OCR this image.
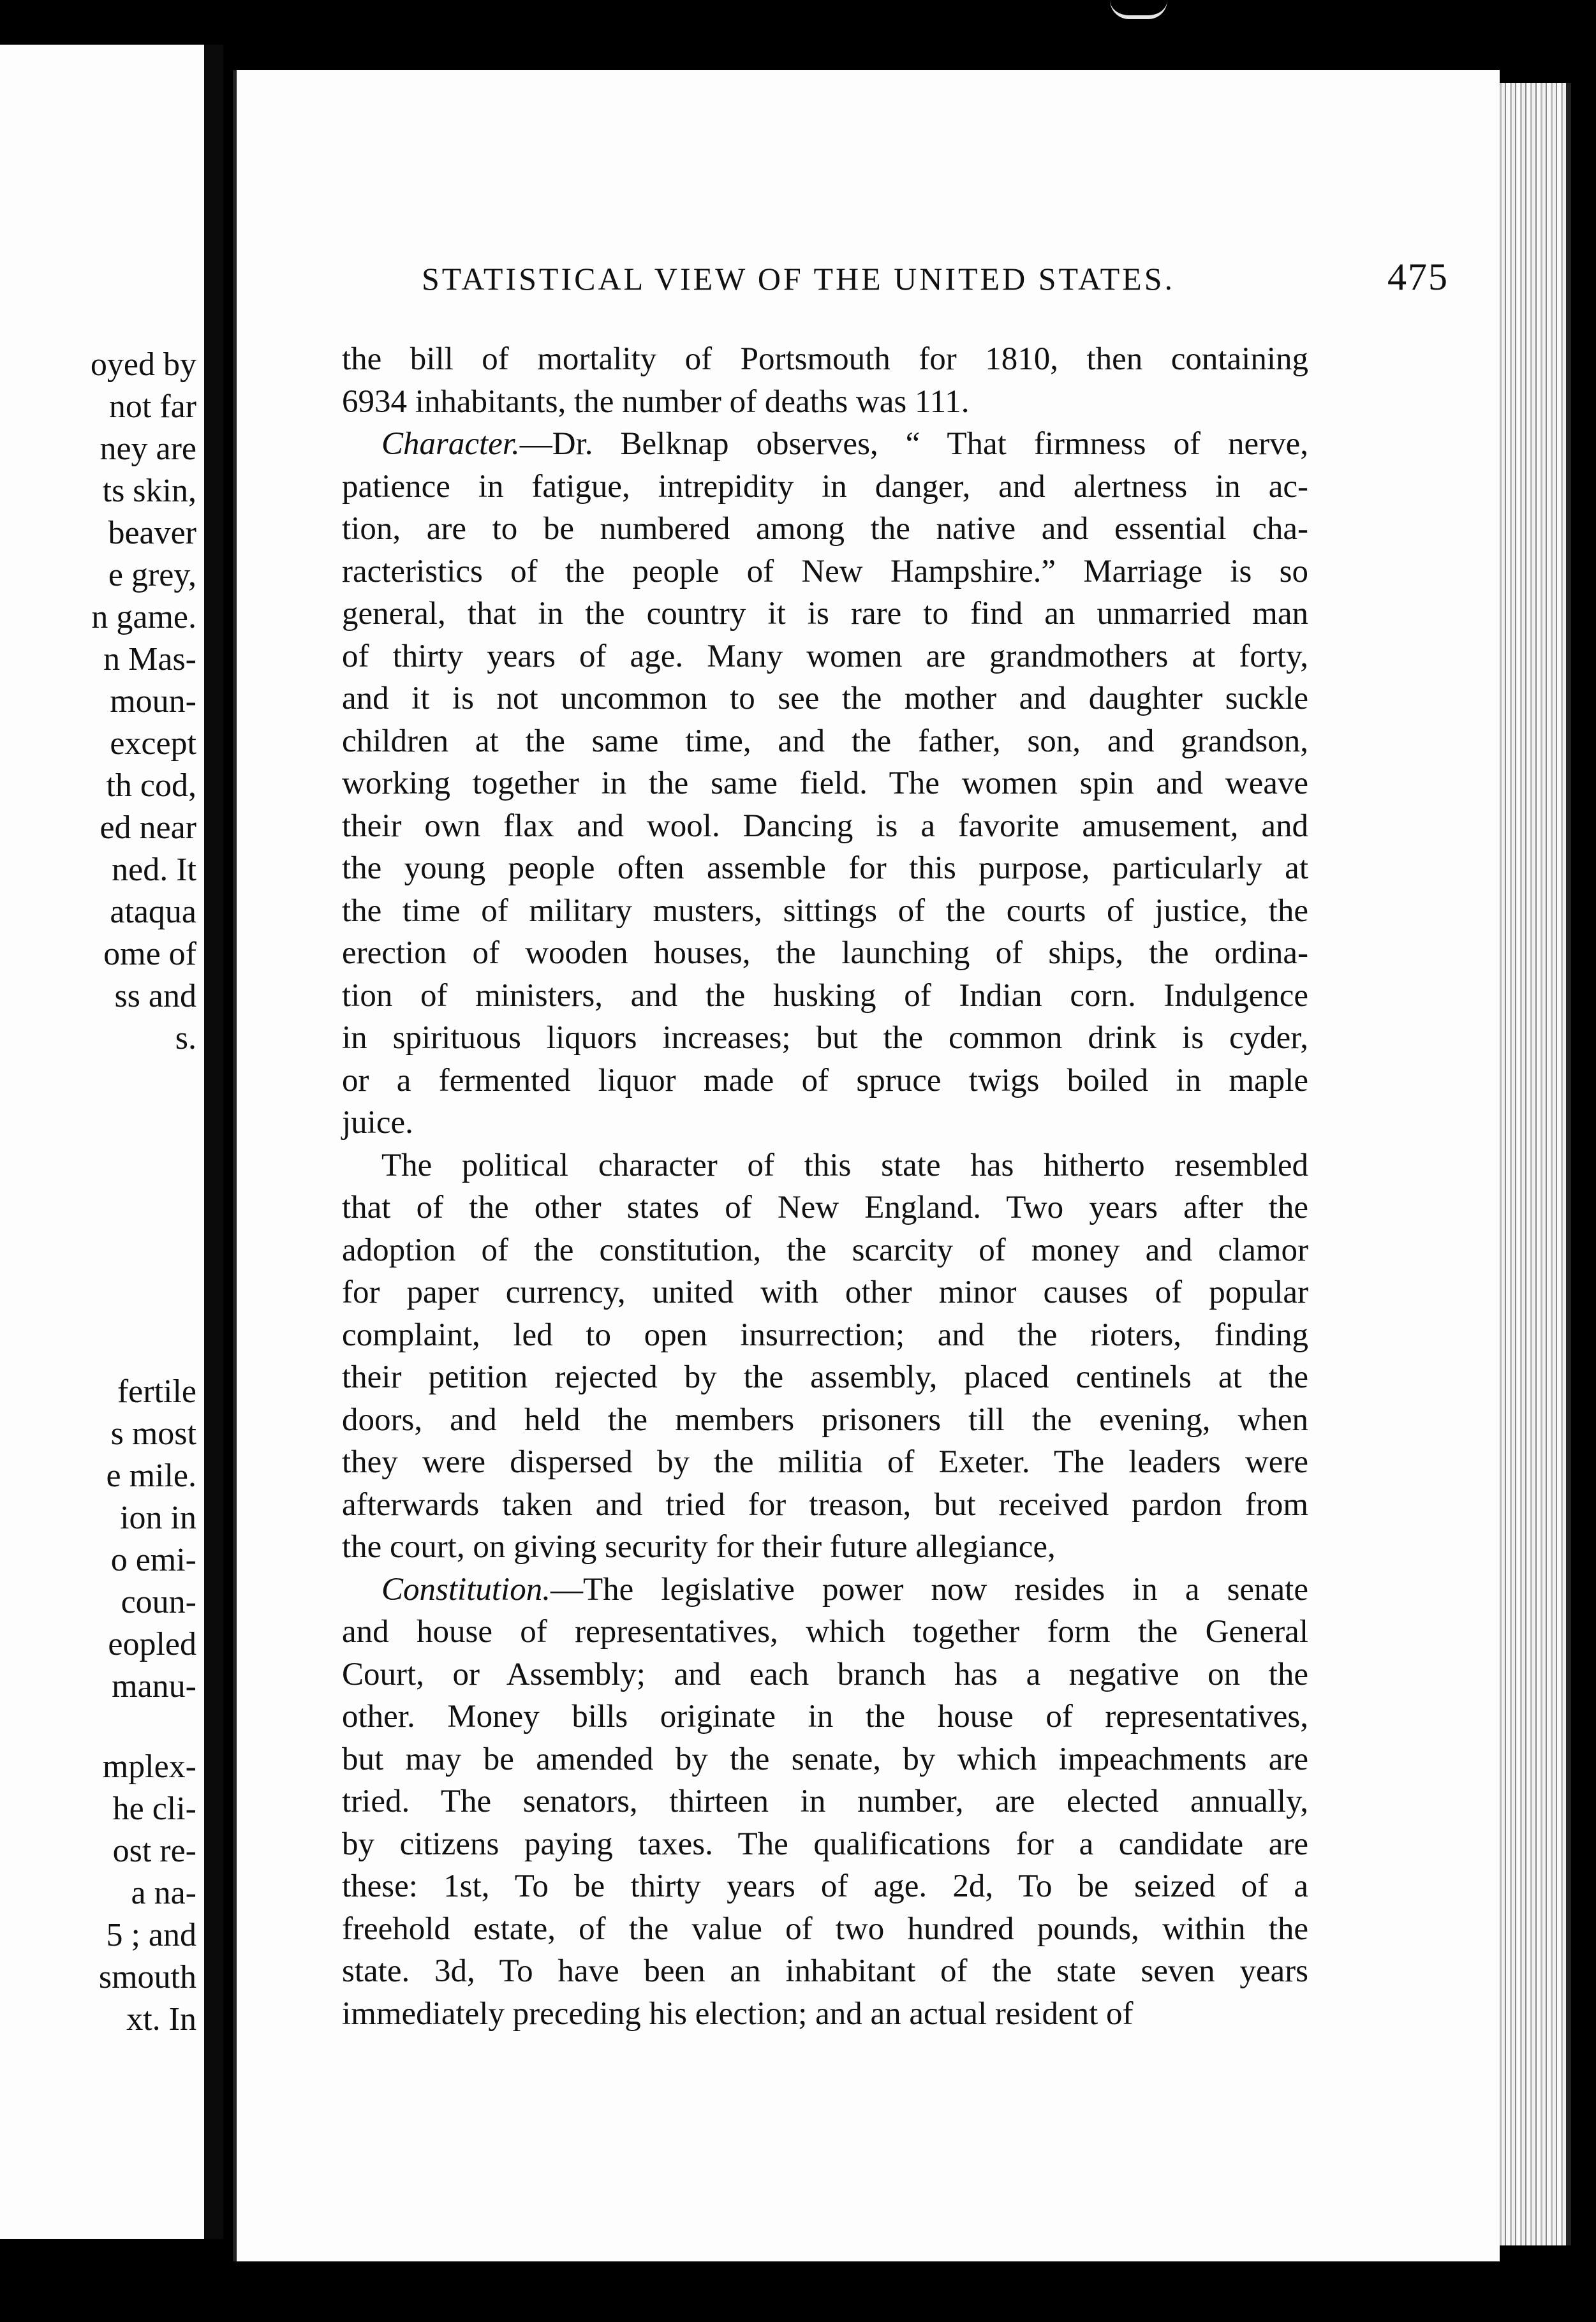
oyed by
not far
ney are
ts skin,
beaver
e grey,
n game.
n Mas-
moun-
except
th cod,
ed near
ned. It
ataqua
ome of
ss and
s.
fertile
s most
e mile.
ion in
o emi-
coun-
eopled
manu-
mplex-
he cli-
ost re-
a na-
5 ; and
smouth
xt. In
STATISTICAL VIEW OF THE UNITED STATES.	475

the bill of mortality of Portsmouth for 1810, then containing
6934 inhabitants, the number of deaths was 111.

Character.—Dr. Belknap observes, “ That firmness of nerve,
patience in fatigue, intrepidity in danger, and alertness in ac-
tion, are to be numbered among the native and essential cha-
racteristics of the people of New Hampshire.” Marriage is so
general, that in the country it is rare to find an unmarried man
of thirty years of age. Many women are grandmothers at forty,
and it is not uncommon to see the mother and daughter suckle
children at the same time, and the father, son, and grandson,
working together in the same field. The women spin and weave
their own flax and wool. Dancing is a favorite amusement, and
the young people often assemble for this purpose, particularly at
the time of military musters, sittings of the courts of justice, the
erection of wooden houses, the launching of ships, the ordina-
tion of ministers, and the husking of Indian corn. Indulgence
in spirituous liquors increases; but the common drink is cyder,
or a fermented liquor made of spruce twigs boiled in maple
juice.

The political character of this state has hitherto resembled
that of the other states of New England. Two years after the
adoption of the constitution, the scarcity of money and clamor
for paper currency, united with other minor causes of popular
complaint, led to open insurrection; and the rioters, finding
their petition rejected by the assembly, placed centinels at the
doors, and held the members prisoners till the evening, when
they were dispersed by the militia of Exeter. The leaders were
afterwards taken and tried for treason, but received pardon from
the court, on giving security for their future allegiance,

Constitution.—The legislative power now resides in a senate
and house of representatives, which together form the General
Court, or Assembly; and each branch has a negative on the
other. Money bills originate in the house of representatives,
but may be amended by the senate, by which impeachments are
tried. The senators, thirteen in number, are elected annually,
by citizens paying taxes. The qualifications for a candidate are
these: 1st, To be thirty years of age. 2d, To be seized of a
freehold estate, of the value of two hundred pounds, within the
state. 3d, To have been an inhabitant of the state seven years
immediately preceding his election; and an actual resident of
